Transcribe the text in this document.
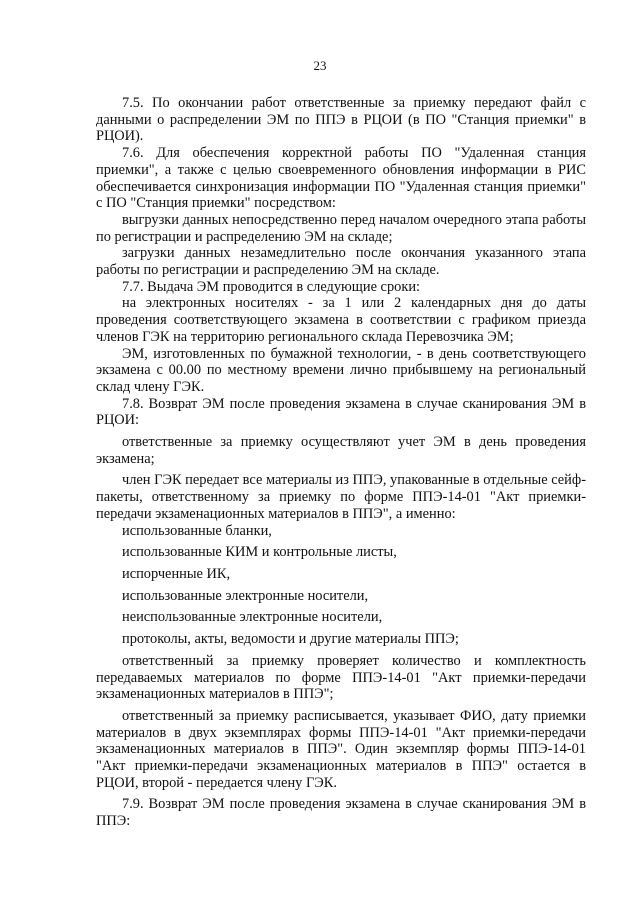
23

7.5. По окончании работ ответственные за приемку передают файл с данными о распределении ЭМ по ППЭ в РЦОИ (в ПО "Станция приемки" в РЦОИ).

7.6. Для обеспечения корректной работы ПО "Удаленная станция приемки", а также с целью своевременного обновления информации в РИС обеспечивается синхронизация информации ПО "Удаленная станция приемки" с ПО "Станция приемки" посредством:

выгрузки данных непосредственно перед началом очередного этапа работы по регистрации и распределению ЭМ на складе;

загрузки данных незамедлительно после окончания указанного этапа работы по регистрации и распределению ЭМ на складе.

7.7. Выдача ЭМ проводится в следующие сроки:

на электронных носителях - за 1 или 2 календарных дня до даты проведения соответствующего экзамена в соответствии с графиком приезда членов ГЭК на территорию регионального склада Перевозчика ЭМ;

ЭМ, изготовленных по бумажной технологии, - в день соответствующего экзамена с 00.00 по местному времени лично прибывшему на региональный склад члену ГЭК.

7.8. Возврат ЭМ после проведения экзамена в случае сканирования ЭМ в РЦОИ:

ответственные за приемку осуществляют учет ЭМ в день проведения экзамена;

член ГЭК передает все материалы из ППЭ, упакованные в отдельные сейф-пакеты, ответственному за приемку по форме ППЭ-14-01 "Акт приемки-передачи экзаменационных материалов в ППЭ", а именно:

использованные бланки,

использованные КИМ и контрольные листы,

испорченные ИК,

использованные электронные носители,

неиспользованные электронные носители,

протоколы, акты, ведомости и другие материалы ППЭ;

ответственный за приемку проверяет количество и комплектность передаваемых материалов по форме ППЭ-14-01 "Акт приемки-передачи экзаменационных материалов в ППЭ";

ответственный за приемку расписывается, указывает ФИО, дату приемки материалов в двух экземплярах формы ППЭ-14-01 "Акт приемки-передачи экзаменационных материалов в ППЭ". Один экземпляр формы ППЭ-14-01 "Акт приемки-передачи экзаменационных материалов в ППЭ" остается в РЦОИ, второй - передается члену ГЭК.

7.9. Возврат ЭМ после проведения экзамена в случае сканирования ЭМ в ППЭ:
